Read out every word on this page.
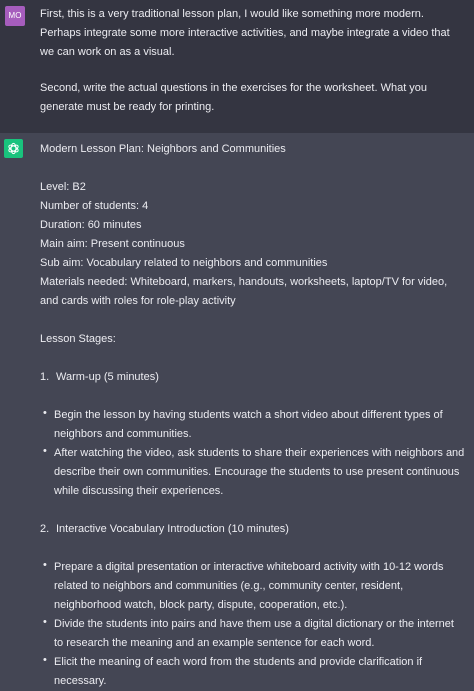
MO	First, this is a very traditional lesson plan, I would like something more modern. Perhaps integrate some more interactive activities, and maybe integrate a video that we can work on as a visual.

Second, write the actual questions in the exercises for the worksheet. What you generate must be ready for printing.

Modern Lesson Plan: Neighbors and Communities

Level: B2

Number of students: 4

Duration: 60 minutes

Main aim: Present continuous

Sub aim: Vocabulary related to neighbors and communities

Materials needed: Whiteboard, markers, handouts, worksheets, laptop/TV for video, and cards with roles for role-play activity

Lesson Stages:

1. Warm-up (5 minutes)
• Begin the lesson by having students watch a short video about different types of neighbors and communities.
• After watching the video, ask students to share their experiences with neighbors and describe their own communities. Encourage the students to use present continuous while discussing their experiences.
2. Interactive Vocabulary Introduction (10 minutes)
• Prepare a digital presentation or interactive whiteboard activity with 10-12 words related to neighbors and communities (e.g., community center, resident, neighborhood watch, block party, dispute, cooperation, etc.).
• Divide the students into pairs and have them use a digital dictionary or the internet to research the meaning and an example sentence for each word.
• Elicit the meaning of each word from the students and provide clarification if necessary.
